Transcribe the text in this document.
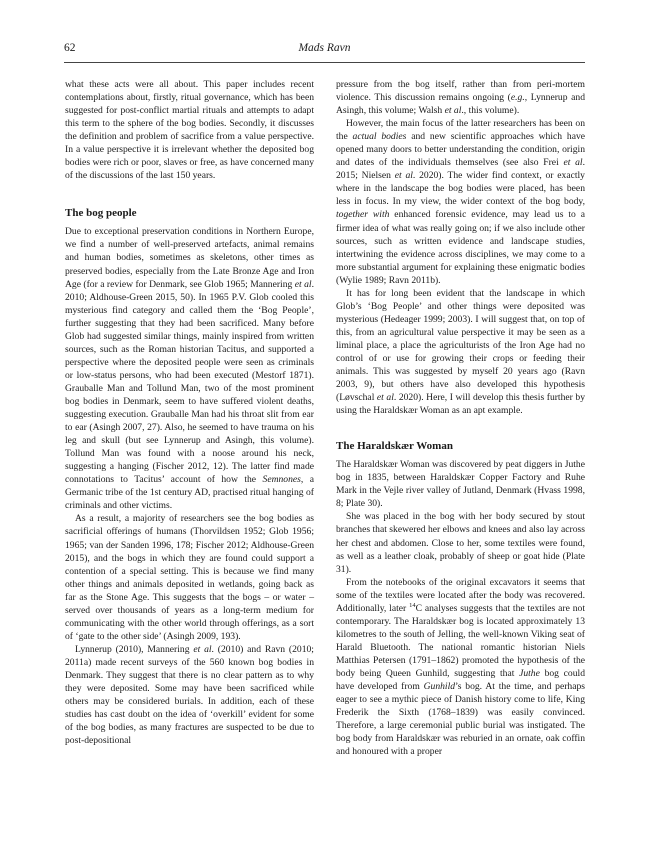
62	Mads Ravn

what these acts were all about. This paper includes recent contemplations about, firstly, ritual governance, which has been suggested for post-conflict martial rituals and attempts to adapt this term to the sphere of the bog bodies. Secondly, it discusses the definition and problem of sacrifice from a value perspective. In a value perspective it is irrelevant whether the deposited bog bodies were rich or poor, slaves or free, as have concerned many of the discussions of the last 150 years.

The bog people

Due to exceptional preservation conditions in Northern Europe, we find a number of well-preserved artefacts, animal remains and human bodies, sometimes as skeletons, other times as preserved bodies, especially from the Late Bronze Age and Iron Age (for a review for Denmark, see Glob 1965; Mannering et al. 2010; Aldhouse-Green 2015, 50). In 1965 P.V. Glob cooled this mysterious find category and called them the ‘Bog People’, further suggesting that they had been sacrificed. Many before Glob had suggested similar things, mainly inspired from written sources, such as the Roman historian Tacitus, and supported a perspective where the deposited people were seen as criminals or low-status persons, who had been executed (Mestorf 1871). Grauballe Man and Tollund Man, two of the most prominent bog bodies in Denmark, seem to have suffered violent deaths, suggesting execution. Grauballe Man had his throat slit from ear to ear (Asingh 2007, 27). Also, he seemed to have trauma on his leg and skull (but see Lynnerup and Asingh, this volume). Tollund Man was found with a noose around his neck, suggesting a hanging (Fischer 2012, 12). The latter find made connotations to Tacitus’ account of how the Semnones, a Germanic tribe of the 1st century AD, practised ritual hanging of criminals and other victims.

As a result, a majority of researchers see the bog bodies as sacrificial offerings of humans (Thorvildsen 1952; Glob 1956; 1965; van der Sanden 1996, 178; Fischer 2012; Aldhouse-Green 2015), and the bogs in which they are found could support a contention of a special setting. This is because we find many other things and animals deposited in wetlands, going back as far as the Stone Age. This suggests that the bogs – or water – served over thousands of years as a long-term medium for communicating with the other world through offerings, as a sort of ‘gate to the other side’ (Asingh 2009, 193).

Lynnerup (2010), Mannering et al. (2010) and Ravn (2010; 2011a) made recent surveys of the 560 known bog bodies in Denmark. They suggest that there is no clear pattern as to why they were deposited. Some may have been sacrificed while others may be considered burials. In addition, each of these studies has cast doubt on the idea of ‘overkill’ evident for some of the bog bodies, as many fractures are suspected to be due to post-depositional

pressure from the bog itself, rather than from peri-mortem violence. This discussion remains ongoing (e.g., Lynnerup and Asingh, this volume; Walsh et al., this volume).

However, the main focus of the latter researchers has been on the actual bodies and new scientific approaches which have opened many doors to better understanding the condition, origin and dates of the individuals themselves (see also Frei et al. 2015; Nielsen et al. 2020). The wider find context, or exactly where in the landscape the bog bodies were placed, has been less in focus. In my view, the wider context of the bog body, together with enhanced forensic evidence, may lead us to a firmer idea of what was really going on; if we also include other sources, such as written evidence and landscape studies, intertwining the evidence across disciplines, we may come to a more substantial argument for explaining these enigmatic bodies (Wylie 1989; Ravn 2011b).

It has for long been evident that the landscape in which Glob’s ‘Bog People’ and other things were deposited was mysterious (Hedeager 1999; 2003). I will suggest that, on top of this, from an agricultural value perspective it may be seen as a liminal place, a place the agriculturists of the Iron Age had no control of or use for growing their crops or feeding their animals. This was suggested by myself 20 years ago (Ravn 2003, 9), but others have also developed this hypothesis (Løvschal et al. 2020). Here, I will develop this thesis further by using the Haraldskær Woman as an apt example.

The Haraldskær Woman

The Haraldskær Woman was discovered by peat diggers in Juthe bog in 1835, between Haraldskær Copper Factory and Ruhe Mark in the Vejle river valley of Jutland, Denmark (Hvass 1998, 8; Plate 30).

She was placed in the bog with her body secured by stout branches that skewered her elbows and knees and also lay across her chest and abdomen. Close to her, some textiles were found, as well as a leather cloak, probably of sheep or goat hide (Plate 31).

From the notebooks of the original excavators it seems that some of the textiles were located after the body was recovered. Additionally, later $^{14}$C analyses suggests that the textiles are not contemporary. The Haraldskær bog is located approximately 13 kilometres to the south of Jelling, the well-known Viking seat of Harald Bluetooth. The national romantic historian Niels Matthias Petersen (1791–1862) promoted the hypothesis of the body being Queen Gunhild, suggesting that Juthe bog could have developed from Gunhild’s bog. At the time, and perhaps eager to see a mythic piece of Danish history come to life, King Frederik the Sixth (1768–1839) was easily convinced. Therefore, a large ceremonial public burial was instigated. The bog body from Haraldskær was reburied in an ornate, oak coffin and honoured with a proper
